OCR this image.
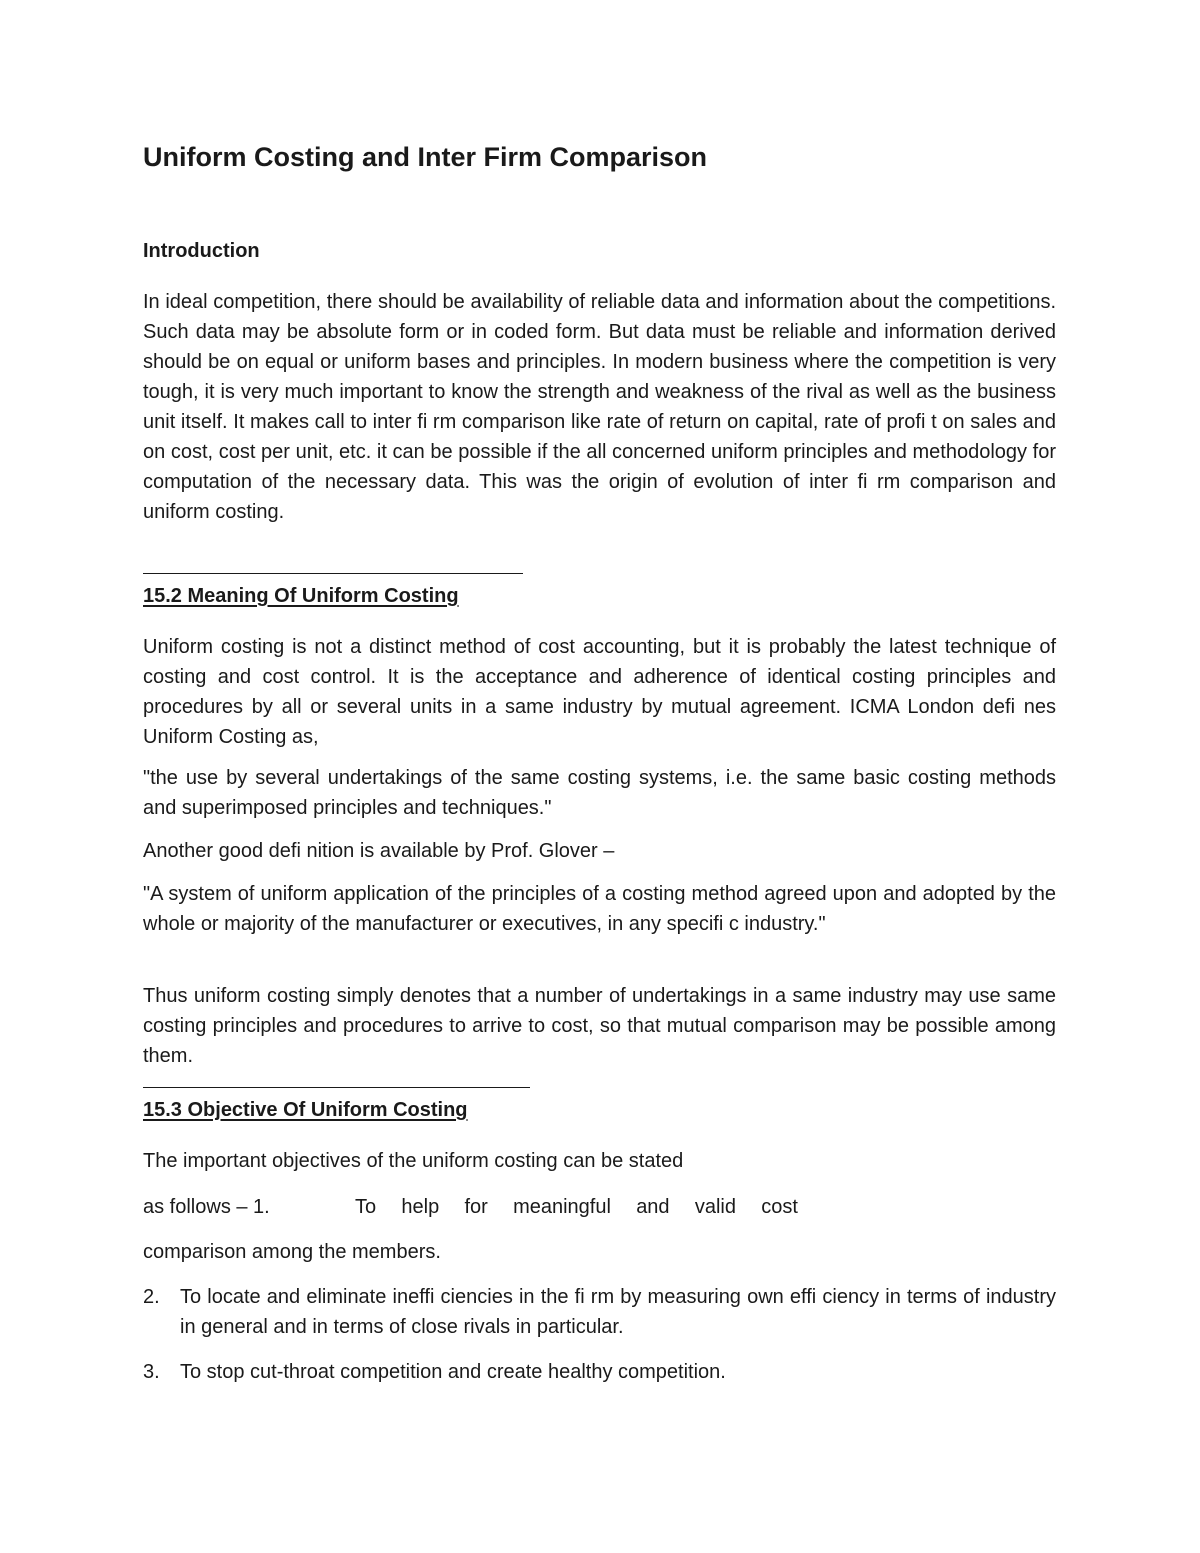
Uniform Costing and Inter Firm Comparison
Introduction

In ideal competition, there should be availability of reliable data and information about the competitions. Such data may be absolute form or in coded form. But data must be reliable and information derived should be on equal or uniform bases and principles. In modern business where the competition is very tough, it is very much important to know the strength and weakness of the rival as well as the business unit itself. It makes call to inter fi rm comparison like rate of return on capital, rate of profi t on sales and on cost, cost per unit, etc. it can be possible if the all concerned uniform principles and methodology for computation of the necessary data. This was the origin of evolution of inter fi rm comparison and uniform costing.

15.2 Meaning Of Uniform Costing

Uniform costing is not a distinct method of cost accounting, but it is probably the latest technique of costing and cost control. It is the acceptance and adherence of identical costing principles and procedures by all or several units in a same industry by mutual agreement. ICMA London defi nes Uniform Costing as,

"the use by several undertakings of the same costing systems, i.e. the same basic costing methods and superimposed principles and techniques."

Another good defi nition is available by Prof. Glover –

"A system of uniform application of the principles of a costing method agreed upon and adopted by the whole or majority of the manufacturer or executives, in any specifi c industry."

Thus uniform costing simply denotes that a number of undertakings in a same industry may use same costing principles and procedures to arrive to cost, so that mutual comparison may be possible among them.

15.3 Objective Of Uniform Costing

The important objectives of the uniform costing can be stated

as follows – 1.	To help for meaningful and valid cost

comparison among the members.

2. To locate and eliminate ineffi ciencies in the fi rm by measuring own effi ciency in terms of industry in general and in terms of close rivals in particular.
3. To stop cut-throat competition and create healthy competition.
